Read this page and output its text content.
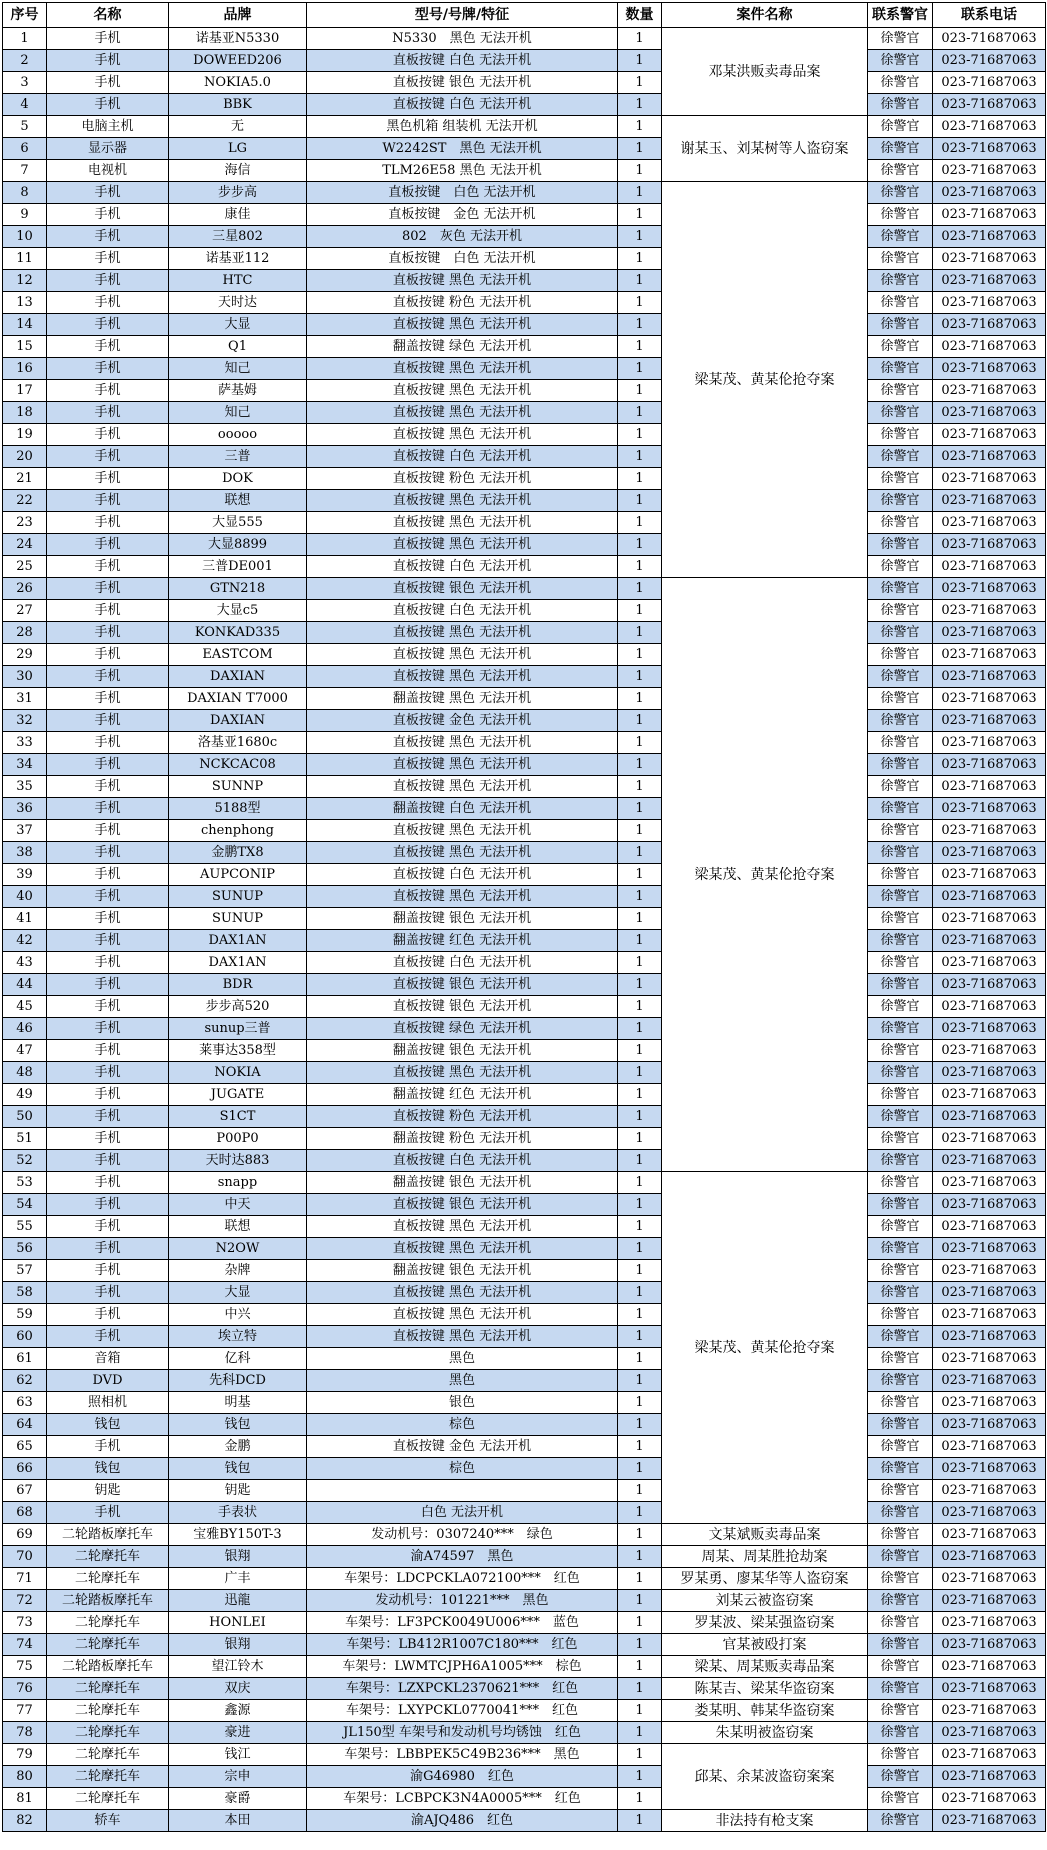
序号	名称	品牌	型号/号牌/特征	数量	案件名称	联系警官	联系电话
1	手机	诺基亚N5330	N5330　黑色 无法开机	1	邓某洪贩卖毒品案	徐警官	023-71687063
2	手机	DOWEED206	直板按键 白色 无法开机	1		徐警官	023-71687063
3	手机	NOKIA5.0	直板按键 银色 无法开机	1		徐警官	023-71687063
4	手机	BBK	直板按键 白色 无法开机	1		徐警官	023-71687063
5	电脑主机	无	黑色机箱 组装机 无法开机	1	谢某玉、刘某树等人盗窃案	徐警官	023-71687063
6	显示器	LG	W2242ST　黑色 无法开机	1		徐警官	023-71687063
7	电视机	海信	TLM26E58 黑色 无法开机	1		徐警官	023-71687063
8	手机	步步高	直板按键　白色 无法开机	1	梁某茂、黄某伦抢夺案	徐警官	023-71687063
9	手机	康佳	直板按键　金色 无法开机	1		徐警官	023-71687063
10	手机	三星802	802　灰色 无法开机	1		徐警官	023-71687063
11	手机	诺基亚112	直板按键　白色 无法开机	1		徐警官	023-71687063
12	手机	HTC	直板按键 黑色 无法开机	1		徐警官	023-71687063
13	手机	天时达	直板按键 粉色 无法开机	1		徐警官	023-71687063
14	手机	大显	直板按键 黑色 无法开机	1		徐警官	023-71687063
15	手机	Q1	翻盖按键 绿色 无法开机	1		徐警官	023-71687063
16	手机	知己	直板按键 黑色 无法开机	1		徐警官	023-71687063
17	手机	萨基姆	直板按键 黑色 无法开机	1		徐警官	023-71687063
18	手机	知己	直板按键 黑色 无法开机	1		徐警官	023-71687063
19	手机	ooooo	直板按键 黑色 无法开机	1		徐警官	023-71687063
20	手机	三普	直板按键 白色 无法开机	1		徐警官	023-71687063
21	手机	DOK	直板按键 粉色 无法开机	1		徐警官	023-71687063
22	手机	联想	直板按键 黑色 无法开机	1		徐警官	023-71687063
23	手机	大显555	直板按键 黑色 无法开机	1		徐警官	023-71687063
24	手机	大显8899	直板按键 黑色 无法开机	1		徐警官	023-71687063
25	手机	三普DE001	直板按键 白色 无法开机	1		徐警官	023-71687063
26	手机	GTN218	直板按键 银色 无法开机	1	梁某茂、黄某伦抢夺案	徐警官	023-71687063
27	手机	大显c5	直板按键 白色 无法开机	1		徐警官	023-71687063
28	手机	KONKAD335	直板按键 黑色 无法开机	1		徐警官	023-71687063
29	手机	EASTCOM	直板按键 黑色 无法开机	1		徐警官	023-71687063
30	手机	DAXIAN	直板按键 黑色 无法开机	1		徐警官	023-71687063
31	手机	DAXIAN T7000	翻盖按键 黑色 无法开机	1		徐警官	023-71687063
32	手机	DAXIAN	直板按键 金色 无法开机	1		徐警官	023-71687063
33	手机	洛基亚1680c	直板按键 黑色 无法开机	1		徐警官	023-71687063
34	手机	NCKCAC08	直板按键 黑色 无法开机	1		徐警官	023-71687063
35	手机	SUNNP	直板按键 黑色 无法开机	1		徐警官	023-71687063
36	手机	5188型	翻盖按键 白色 无法开机	1		徐警官	023-71687063
37	手机	chenphong	直板按键 黑色 无法开机	1		徐警官	023-71687063
38	手机	金鹏TX8	直板按键 黑色 无法开机	1		徐警官	023-71687063
39	手机	AUPCONIP	直板按键 白色 无法开机	1		徐警官	023-71687063
40	手机	SUNUP	直板按键 黑色 无法开机	1		徐警官	023-71687063
41	手机	SUNUP	翻盖按键 银色 无法开机	1		徐警官	023-71687063
42	手机	DAX1AN	翻盖按键 红色 无法开机	1		徐警官	023-71687063
43	手机	DAX1AN	直板按键 白色 无法开机	1		徐警官	023-71687063
44	手机	BDR	直板按键 银色 无法开机	1		徐警官	023-71687063
45	手机	步步高520	直板按键 银色 无法开机	1		徐警官	023-71687063
46	手机	sunup三普	直板按键 绿色 无法开机	1		徐警官	023-71687063
47	手机	莱事达358型	翻盖按键 银色 无法开机	1		徐警官	023-71687063
48	手机	NOKIA	直板按键 黑色 无法开机	1		徐警官	023-71687063
49	手机	JUGATE	翻盖按键 红色 无法开机	1		徐警官	023-71687063
50	手机	S1CT	直板按键 粉色 无法开机	1		徐警官	023-71687063
51	手机	P00P0	翻盖按键 粉色 无法开机	1		徐警官	023-71687063
52	手机	天时达883	直板按键 白色 无法开机	1		徐警官	023-71687063
53	手机	snapp	翻盖按键 银色 无法开机	1	梁某茂、黄某伦抢夺案	徐警官	023-71687063
54	手机	中天	直板按键 银色 无法开机	1		徐警官	023-71687063
55	手机	联想	直板按键 黑色 无法开机	1		徐警官	023-71687063
56	手机	N2OW	直板按键 黑色 无法开机	1		徐警官	023-71687063
57	手机	杂牌	翻盖按键 银色 无法开机	1		徐警官	023-71687063
58	手机	大显	直板按键 黑色 无法开机	1		徐警官	023-71687063
59	手机	中兴	直板按键 黑色 无法开机	1		徐警官	023-71687063
60	手机	埃立特	直板按键 黑色 无法开机	1		徐警官	023-71687063
61	音箱	亿科	黑色	1		徐警官	023-71687063
62	DVD	先科DCD	黑色	1		徐警官	023-71687063
63	照相机	明基	银色	1		徐警官	023-71687063
64	钱包	钱包	棕色	1		徐警官	023-71687063
65	手机	金鹏	直板按键 金色 无法开机	1		徐警官	023-71687063
66	钱包	钱包	棕色	1		徐警官	023-71687063
67	钥匙	钥匙		1		徐警官	023-71687063
68	手机	手表状	白色 无法开机	1		徐警官	023-71687063
69	二轮踏板摩托车	宝雅BY150T-3	发动机号：0307240***　绿色	1	文某斌贩卖毒品案	徐警官	023-71687063
70	二轮摩托车	银翔	渝A74597　黑色	1	周某、周某胜抢劫案	徐警官	023-71687063
71	二轮摩托车	广丰	车架号：LDCPCKLA072100***　红色	1	罗某勇、廖某华等人盗窃案	徐警官	023-71687063
72	二轮踏板摩托车	迅龍	发动机号：101221***　黑色	1	刘某云被盗窃案	徐警官	023-71687063
73	二轮摩托车	HONLEI	车架号：LF3PCK0049U006***　蓝色	1	罗某波、梁某强盗窃案	徐警官	023-71687063
74	二轮摩托车	银翔	车架号：LB412R1007C180***　红色	1	官某被殴打案	徐警官	023-71687063
75	二轮踏板摩托车	望江铃木	车架号：LWMTCJPH6A1005***　棕色	1	梁某、周某贩卖毒品案	徐警官	023-71687063
76	二轮摩托车	双庆	车架号：LZXPCKL2370621***　红色	1	陈某吉、梁某华盗窃案	徐警官	023-71687063
77	二轮摩托车	鑫源	车架号：LXYPCKL0770041***　红色	1	娄某明、韩某华盗窃案	徐警官	023-71687063
78	二轮摩托车	豪进	JL150型 车架号和发动机号均锈蚀　红色	1	朱某明被盗窃案	徐警官	023-71687063
79	二轮摩托车	钱江	车架号：LBBPEK5C49B236***　黑色	1	邱某、余某波盗窃案案	徐警官	023-71687063
80	二轮摩托车	宗申	渝G46980　红色	1		徐警官	023-71687063
81	二轮摩托车	豪爵	车架号：LCBPCK3N4A0005***　红色	1		徐警官	023-71687063
82	轿车	本田	渝AJQ486　红色	1	非法持有枪支案	徐警官	023-71687063
